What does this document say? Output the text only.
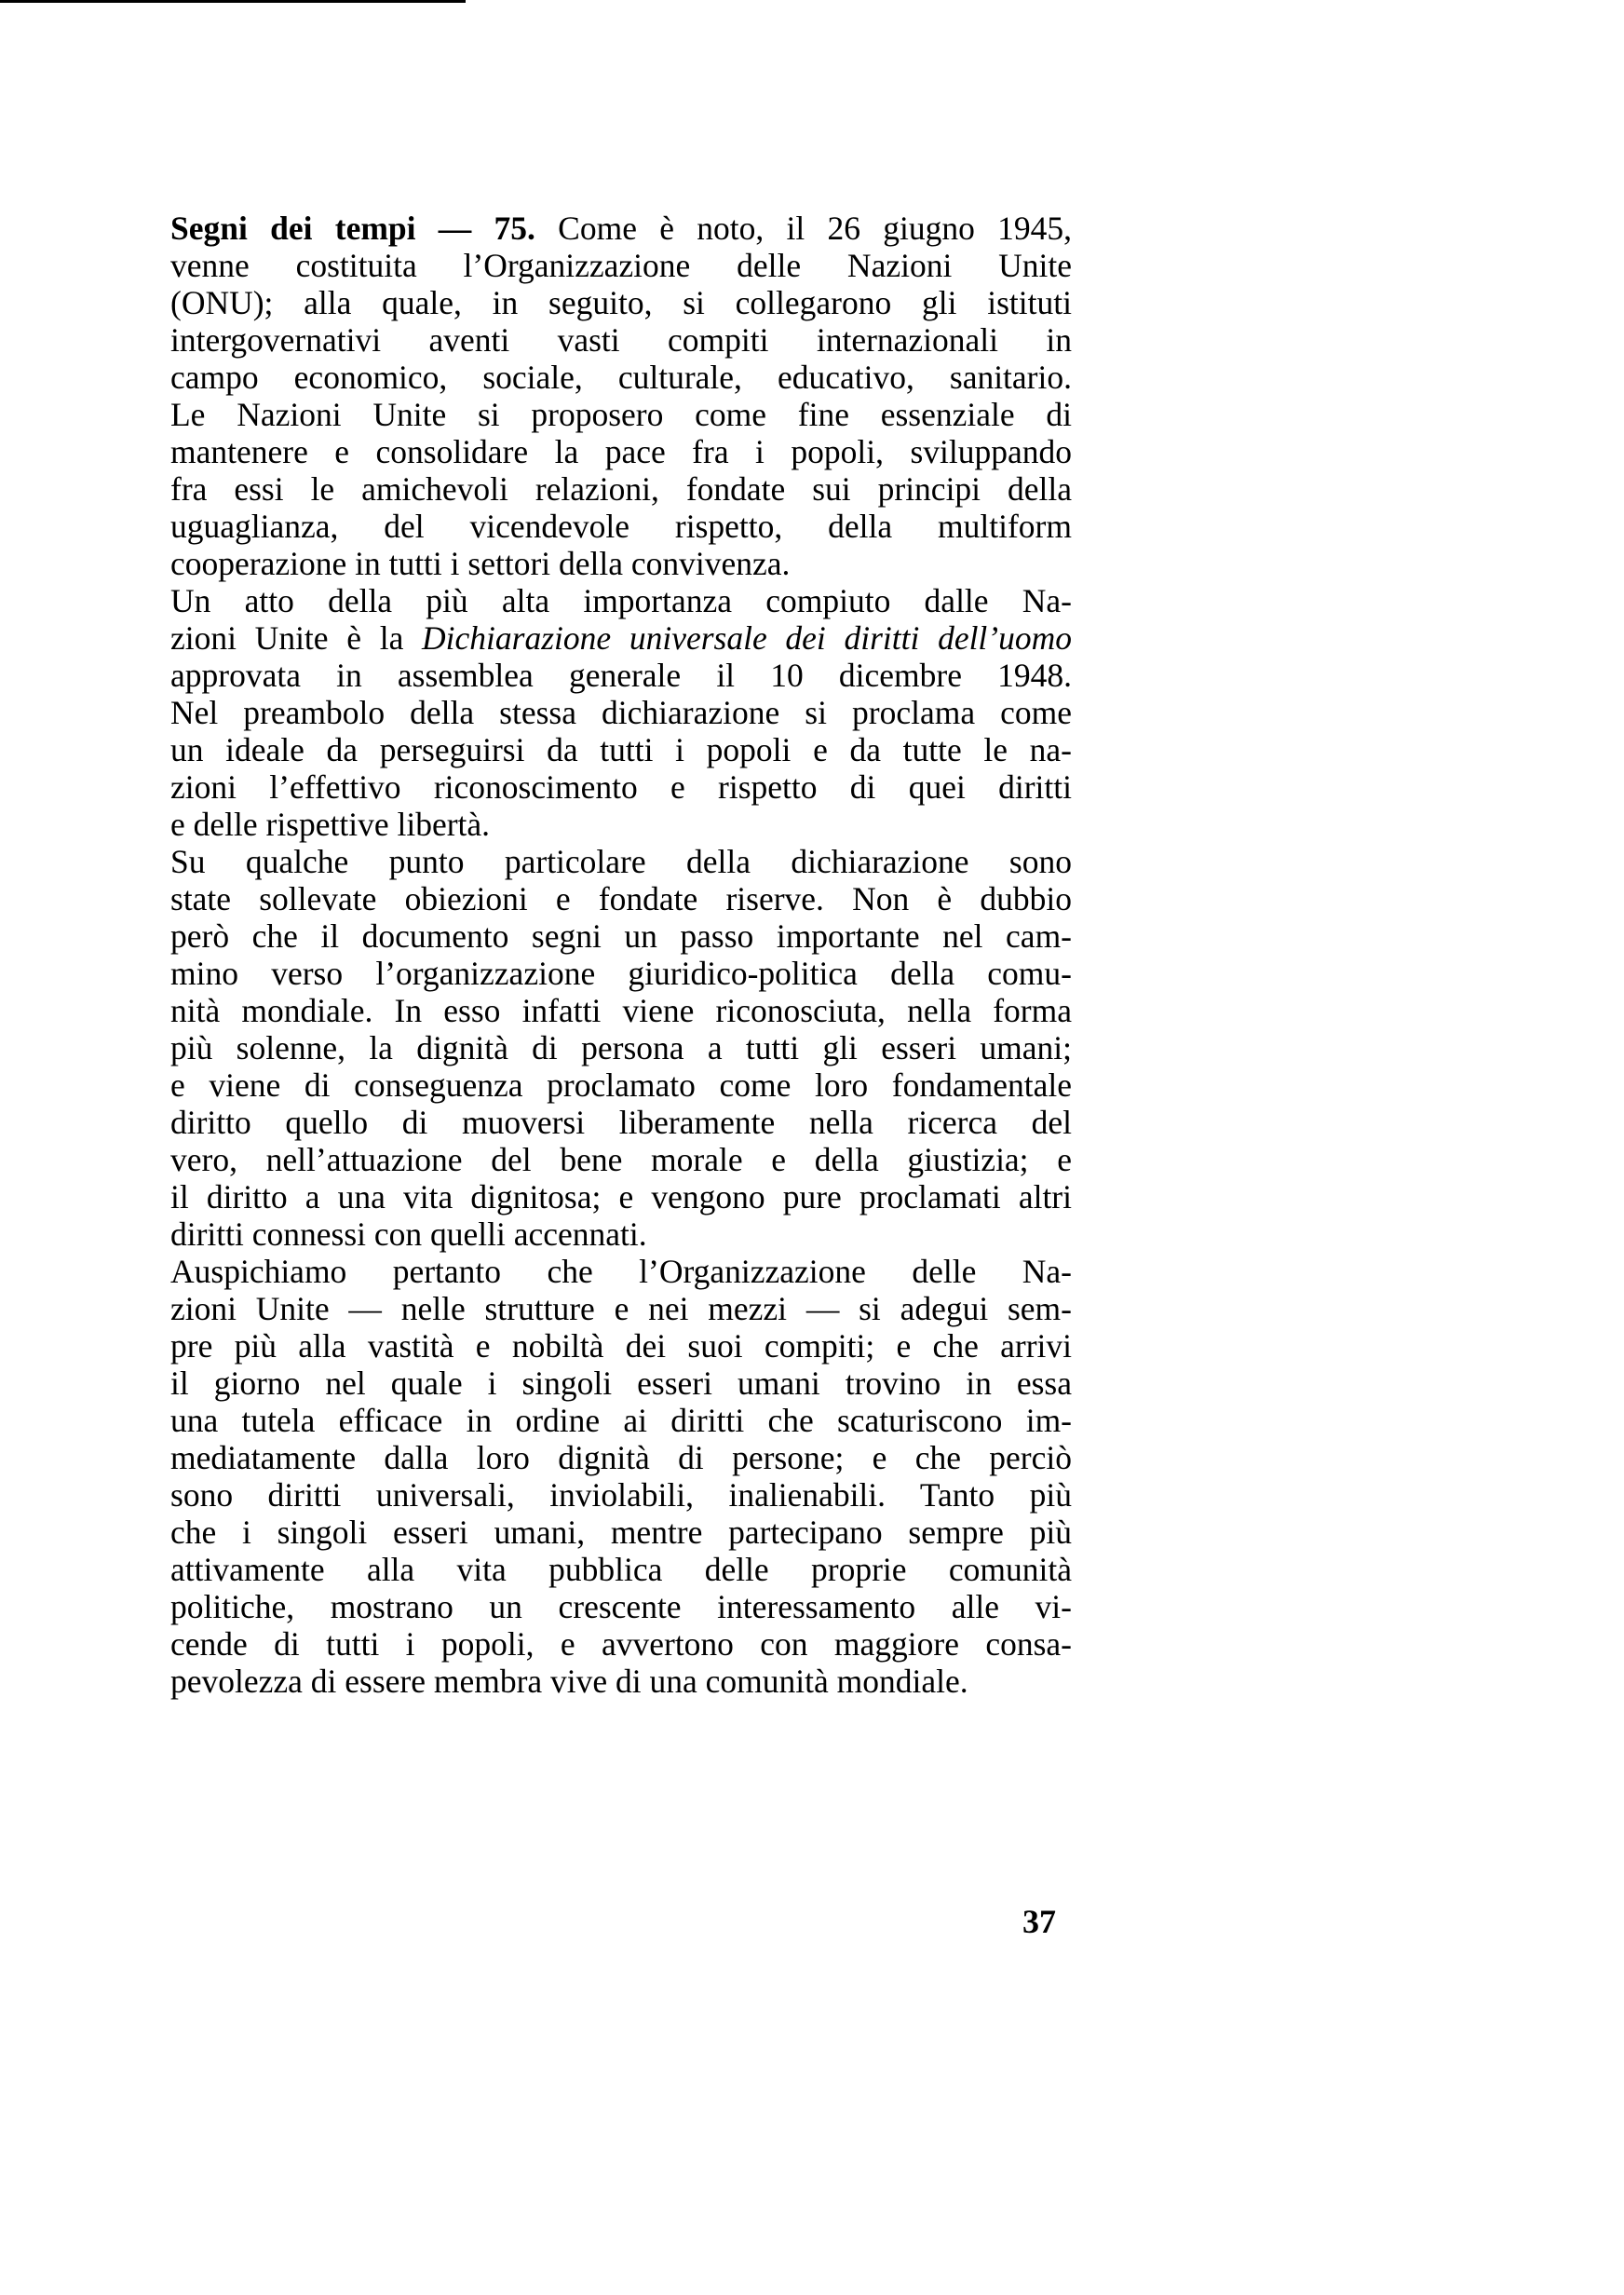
Segni dei tempi — 75. Come è noto, il 26 giugno 1945,
venne costituita l’Organizzazione delle Nazioni Unite
(ONU); alla quale, in seguito, si collegarono gli istituti
intergovernativi aventi vasti compiti internazionali in
campo economico, sociale, culturale, educativo, sanitario.
Le Nazioni Unite si proposero come fine essenziale di
mantenere e consolidare la pace fra i popoli, sviluppando
fra essi le amichevoli relazioni, fondate sui principi della
uguaglianza, del vicendevole rispetto, della multiform
cooperazione in tutti i settori della convivenza.
Un atto della più alta importanza compiuto dalle Na-
zioni Unite è la Dichiarazione universale dei diritti dell’uomo
approvata in assemblea generale il 10 dicembre 1948.
Nel preambolo della stessa dichiarazione si proclama come
un ideale da perseguirsi da tutti i popoli e da tutte le na-
zioni l’effettivo riconoscimento e rispetto di quei diritti
e delle rispettive libertà.
Su qualche punto particolare della dichiarazione sono
state sollevate obiezioni e fondate riserve. Non è dubbio
però che il documento segni un passo importante nel cam-
mino verso l’organizzazione giuridico-politica della comu-
nità mondiale. In esso infatti viene riconosciuta, nella forma
più solenne, la dignità di persona a tutti gli esseri umani;
e viene di conseguenza proclamato come loro fondamentale
diritto quello di muoversi liberamente nella ricerca del
vero, nell’attuazione del bene morale e della giustizia; e
il diritto a una vita dignitosa; e vengono pure proclamati altri
diritti connessi con quelli accennati.
Auspichiamo pertanto che l’Organizzazione delle Na-
zioni Unite — nelle strutture e nei mezzi — si adegui sem-
pre più alla vastità e nobiltà dei suoi compiti; e che arrivi
il giorno nel quale i singoli esseri umani trovino in essa
una tutela efficace in ordine ai diritti che scaturiscono im-
mediatamente dalla loro dignità di persone; e che perciò
sono diritti universali, inviolabili, inalienabili. Tanto più
che i singoli esseri umani, mentre partecipano sempre più
attivamente alla vita pubblica delle proprie comunità
politiche, mostrano un crescente interessamento alle vi-
cende di tutti i popoli, e avvertono con maggiore consa-
pevolezza di essere membra vive di una comunità mondiale.
37
